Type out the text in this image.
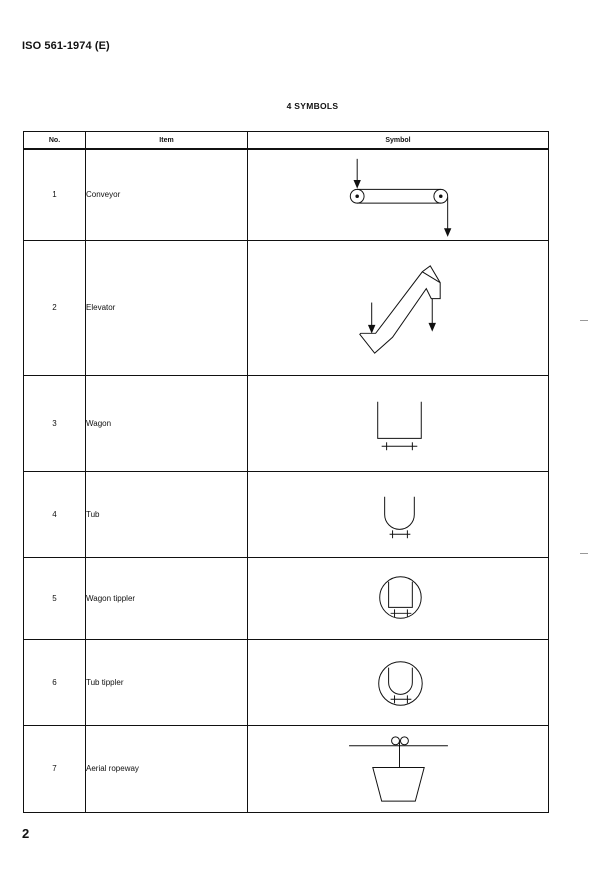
ISO 561-1974 (E)
4 SYMBOLS
No.	Item	Symbol
1	Conveyor	

2	Elevator	

3	Wagon	

4	Tub	

5	Wagon tippler	

6	Tub tippler	

7	Aerial ropeway	
2
